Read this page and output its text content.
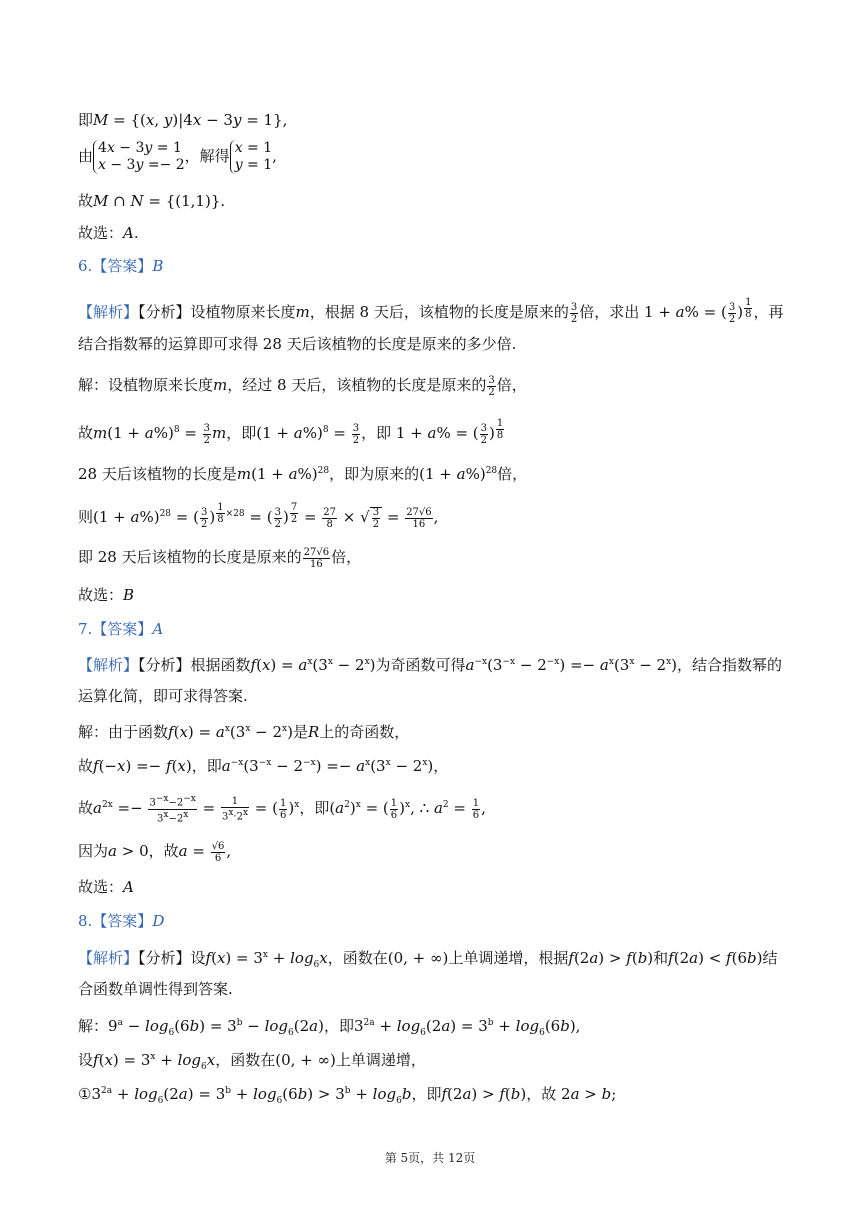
即M = {(x, y)|4x − 3y = 1},
由 4x − 3y = 1
x − 3y =− 2，解得 x = 1
y = 1,
故M ∩ N = {(1,1)}.
故选：A.
6.【答案】B
【解析】【分析】设植物原来长度m，根据 8 天后，该植物的长度是原来的 $\frac{3}{2}$ 倍，求出 1 + a% = ( $\frac{3}{2}$ ) $^{\frac{1}{8}}$ ，再
结合指数幂的运算即可求得 28 天后该植物的长度是原来的多少倍.
解：设植物原来长度m，经过 8 天后，该植物的长度是原来的 $\frac{3}{2}$ 倍，
故$m(1 + a\%)^8 = \frac{3}{2}$ m，即$(1 + a\%)^8 = \frac{3}{2}$ ，即 1 + a% = ( $\frac{3}{2}$ ) $^{\frac{1}{8}}$
28 天后该植物的长度是$m(1 + a\%)^{28}$，即为原来的$(1 + a\%)^{28}$倍，
则$(1 + a\%)^{28}$ = ( $\frac{3}{2}$ ) $^{\frac{1}{8} \times 28}$ = ( $\frac{3}{2}$ ) $^{\frac{7}{2}} = \frac{27}{8}$ × √ $\frac{3}{2} = \frac{27√6}{16}$ ,
即 28 天后该植物的长度是原来的 $\frac{27√6}{16}$ 倍，
故选：B
7.【答案】A
【解析】【分析】根据函数$f(x) = a^x(3^x - 2^x)$为奇函数可得$a^{-x}(3^{-x} - 2^{-x}) =- a^x(3^x - 2^x)$，结合指数幂的
运算化简，即可求得答案.
解：由于函数$f(x) = a^x(3^x - 2^x)$是R上的奇函数，
故f(−x) =− f(x)，即$a^{-x}(3^{-x} - 2^{-x}) =- a^x(3^x - 2^x)$，
故$a^{2x} =- \frac{3^{-x}-2^{-x}}{3^x-2^x} = \frac{1}{3^x\cdot 2^x}$ = ( $\frac{1}{6} )^x$，即$(a^2)^x$ = ( $\frac{1}{6} )^x$, ∴ $a^2 = \frac{1}{6}$ ,
因为a > 0，故$a = \frac{√6}{6}$ ,
故选：A
8.【答案】D
【解析】【分析】设$f(x) = 3^x + \log_6x$，函数在(0, + ∞)上单调递增，根据f(2a) > f(b)和f(2a) < f(6b)结
合函数单调性得到答案.
解：$9^a - \log_6(6b) = 3^b - \log_6(2a)$，即$3^{2a} + \log_6(2a) = 3^b + \log_6(6b)$,
设$f(x) = 3^x + \log_6x$，函数在(0, + ∞)上单调递增，
$①3^{2a} + \log_6(2a) = 3^b + \log_6(6b) > 3^b + \log_6b$，即f(2a) > f(b)，故 2a > b;
第 5页，共 12页
